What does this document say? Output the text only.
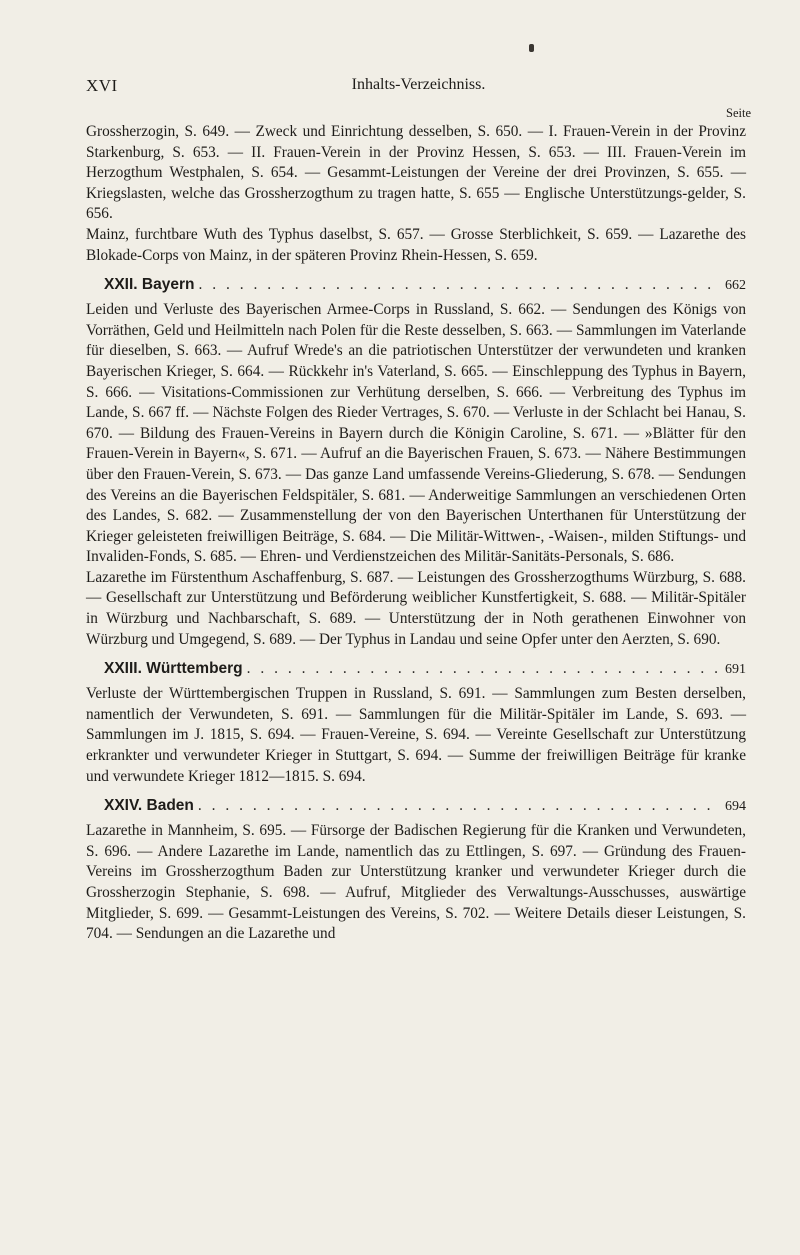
XVI	Inhalts-Verzeichniss.
Seite

Grossherzogin, S. 649. — Zweck und Einrichtung desselben, S. 650. — I. Frauen-Verein in der Provinz Starkenburg, S. 653. — II. Frauen-Verein in der Provinz Hessen, S. 653. — III. Frauen-Verein im Herzogthum Westphalen, S. 654. — Gesammt-Leistungen der Vereine der drei Provinzen, S. 655. — Kriegslasten, welche das Grossherzogthum zu tragen hatte, S. 655 — Englische Unterstützungs-gelder, S. 656.

Mainz, furchtbare Wuth des Typhus daselbst, S. 657. — Grosse Sterblichkeit, S. 659. — Lazarethe des Blokade-Corps von Mainz, in der späteren Provinz Rhein-Hessen, S. 659.

XXII. Bayern . . .	662

Leiden und Verluste des Bayerischen Armee-Corps in Russland, S. 662. — Sendungen des Königs von Vorräthen, Geld und Heilmitteln nach Polen für die Reste desselben, S. 663. — Sammlungen im Vaterlande für dieselben, S. 663. — Aufruf Wrede's an die patriotischen Unterstützer der verwundeten und kranken Bayerischen Krieger, S. 664. — Rückkehr in's Vaterland, S. 665. — Einschleppung des Typhus in Bayern, S. 666. — Visitations-Commissionen zur Verhütung derselben, S. 666. — Verbreitung des Typhus im Lande, S. 667 ff. — Nächste Folgen des Rieder Vertrages, S. 670. — Verluste in der Schlacht bei Hanau, S. 670. — Bildung des Frauen-Vereins in Bayern durch die Königin Caroline, S. 671. — »Blätter für den Frauen-Verein in Bayern«, S. 671. — Aufruf an die Bayerischen Frauen, S. 673. — Nähere Bestimmungen über den Frauen-Verein, S. 673. — Das ganze Land umfassende Vereins-Gliederung, S. 678. — Sendungen des Vereins an die Bayerischen Feldspitäler, S. 681. — Anderweitige Sammlungen an verschiedenen Orten des Landes, S. 682. — Zusammenstellung der von den Bayerischen Unterthanen für Unterstützung der Krieger geleisteten freiwilligen Beiträge, S. 684. — Die Militär-Wittwen-, -Waisen-, milden Stiftungs- und Invaliden-Fonds, S. 685. — Ehren- und Verdienstzeichen des Militär-Sanitäts-Personals, S. 686.

Lazarethe im Fürstenthum Aschaffenburg, S. 687. — Leistungen des Grossherzogthums Würzburg, S. 688. — Gesellschaft zur Unterstützung und Beförderung weiblicher Kunstfertigkeit, S. 688. — Militär-Spitäler in Würzburg und Nachbarschaft, S. 689. — Unterstützung der in Noth gerathenen Einwohner von Würzburg und Umgegend, S. 689. — Der Typhus in Landau und seine Opfer unter den Aerzten, S. 690.

XXIII. Württemberg . . .	691

Verluste der Württembergischen Truppen in Russland, S. 691. — Sammlungen zum Besten derselben, namentlich der Verwundeten, S. 691. — Sammlungen für die Militär-Spitäler im Lande, S. 693. — Sammlungen im J. 1815, S. 694. — Frauen-Vereine, S. 694. — Vereinte Gesellschaft zur Unterstützung erkrankter und verwundeter Krieger in Stuttgart, S. 694. — Summe der freiwilligen Beiträge für kranke und verwundete Krieger 1812—1815. S. 694.

XXIV. Baden . . .	694

Lazarethe in Mannheim, S. 695. — Fürsorge der Badischen Regierung für die Kranken und Verwundeten, S. 696. — Andere Lazarethe im Lande, namentlich das zu Ettlingen, S. 697. — Gründung des Frauen-Vereins im Grossherzogthum Baden zur Unterstützung kranker und verwundeter Krieger durch die Grossherzogin Stephanie, S. 698. — Aufruf, Mitglieder des Verwaltungs-Ausschusses, auswärtige Mitglieder, S. 699. — Gesammt-Leistungen des Vereins, S. 702. — Weitere Details dieser Leistungen, S. 704. — Sendungen an die Lazarethe und
